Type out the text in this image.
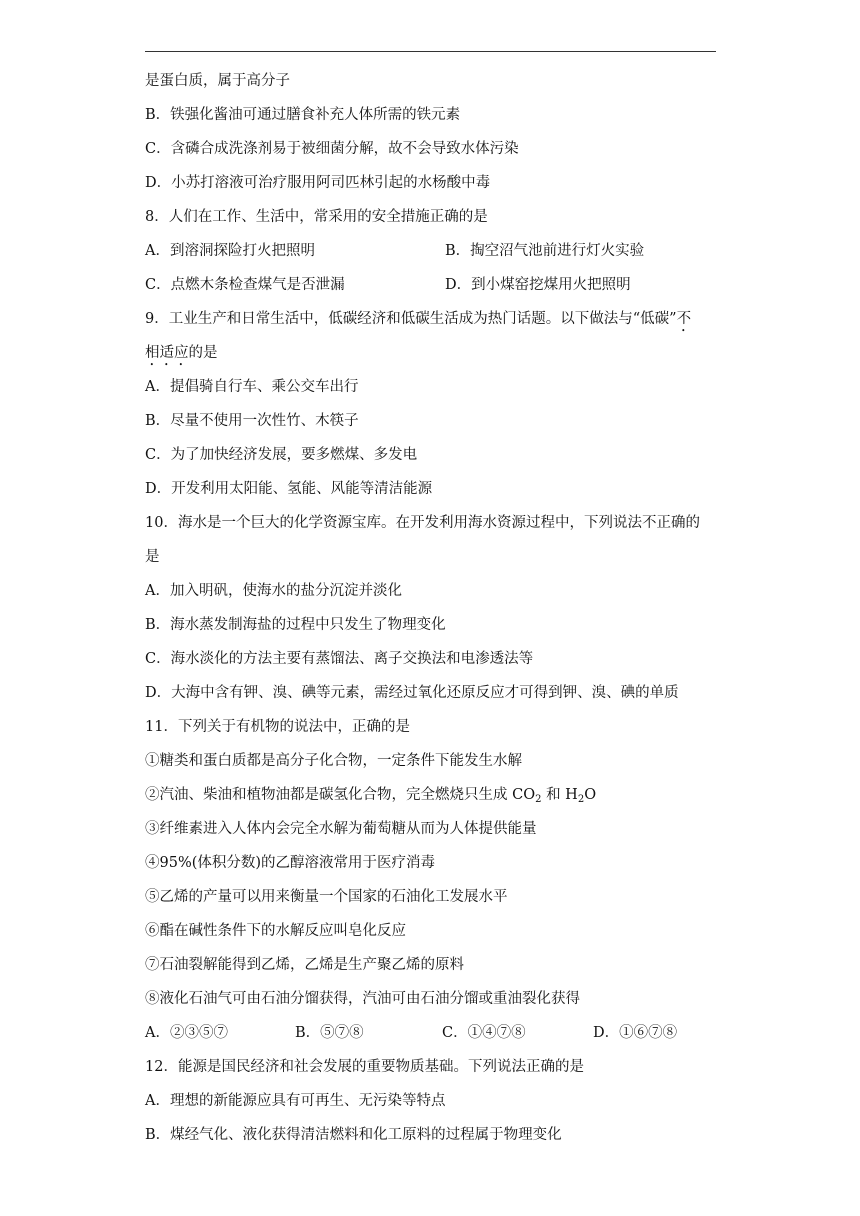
是蛋白质，属于高分子
B．铁强化酱油可通过膳食补充人体所需的铁元素
C．含磷合成洗涤剂易于被细菌分解，故不会导致水体污染
D．小苏打溶液可治疗服用阿司匹林引起的水杨酸中毒
8．人们在工作、生活中，常采用的安全措施正确的是
A．到溶洞探险打火把照明	B．掏空沼气池前进行灯火实验
C．点燃木条检查煤气是否泄漏	D．到小煤窑挖煤用火把照明
9．工业生产和日常生活中，低碳经济和低碳生活成为热门话题。以下做法与“低碳”不
相适应的是
A．提倡骑自行车、乘公交车出行
B．尽量不使用一次性竹、木筷子
C．为了加快经济发展，要多燃煤、多发电
D．开发利用太阳能、氢能、风能等清洁能源
10．海水是一个巨大的化学资源宝库。在开发利用海水资源过程中，下列说法不正确的
是
A．加入明矾，使海水的盐分沉淀并淡化
B．海水蒸发制海盐的过程中只发生了物理变化
C．海水淡化的方法主要有蒸馏法、离子交换法和电渗透法等
D．大海中含有钾、溴、碘等元素，需经过氧化还原反应才可得到钾、溴、碘的单质
11．下列关于有机物的说法中，正确的是
①糖类和蛋白质都是高分子化合物，一定条件下能发生水解
②汽油、柴油和植物油都是碳氢化合物，完全燃烧只生成 $CO_2$ 和 $H_2O$
③纤维素进入人体内会完全水解为葡萄糖从而为人体提供能量
④95%(体积分数)的乙醇溶液常用于医疗消毒
⑤乙烯的产量可以用来衡量一个国家的石油化工发展水平
⑥酯在碱性条件下的水解反应叫皂化反应
⑦石油裂解能得到乙烯，乙烯是生产聚乙烯的原料
⑧液化石油气可由石油分馏获得，汽油可由石油分馏或重油裂化获得
A．②③⑤⑦	B．⑤⑦⑧	C．①④⑦⑧	D．①⑥⑦⑧
12．能源是国民经济和社会发展的重要物质基础。下列说法正确的是
A．理想的新能源应具有可再生、无污染等特点
B．煤经气化、液化获得清洁燃料和化工原料的过程属于物理变化
